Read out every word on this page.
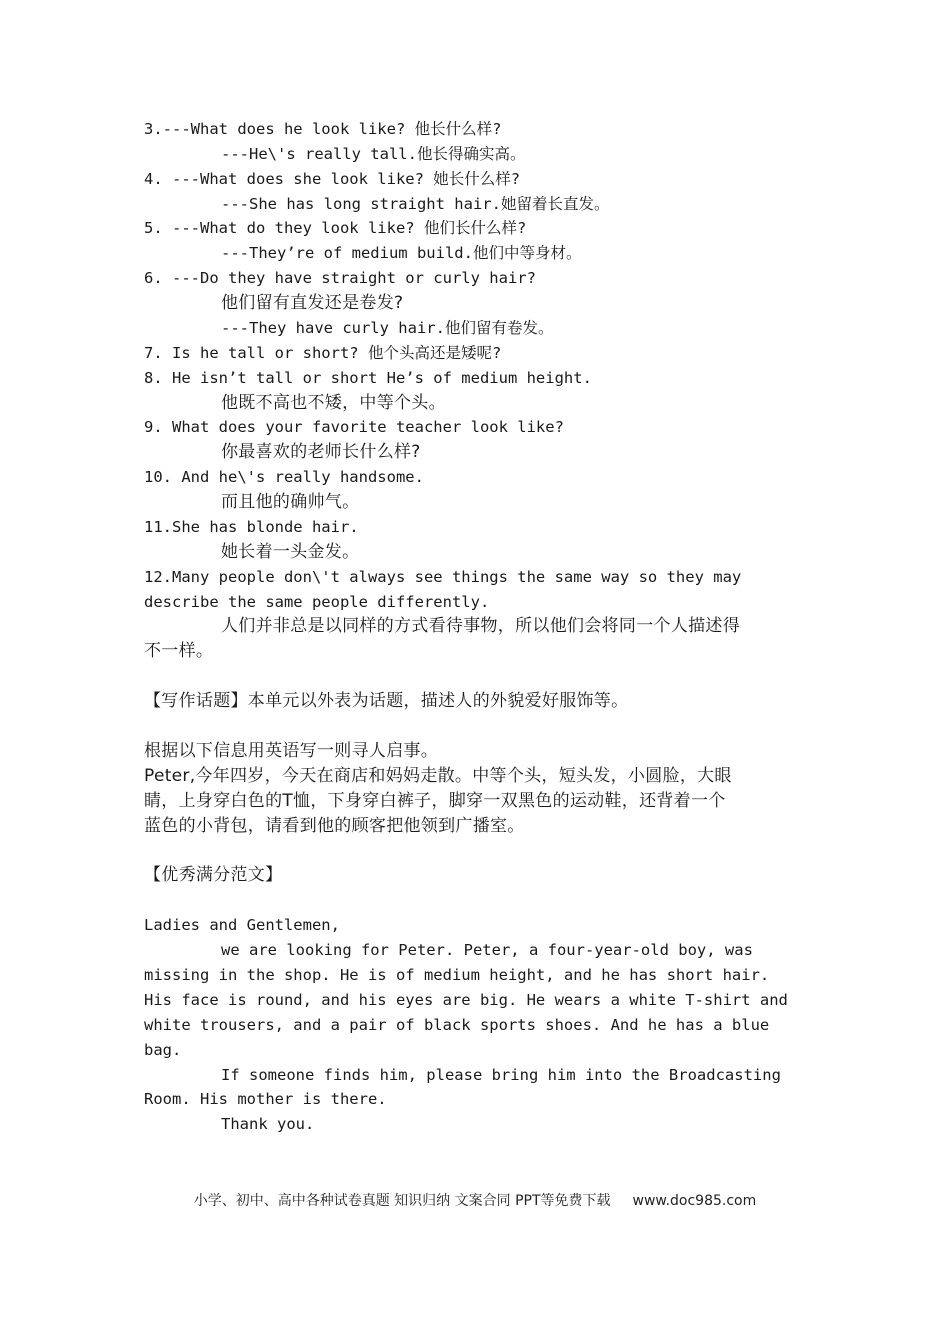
3.---What does he look like? 他长什么样?
---He\'s really tall.他长得确实高。
4. ---What does she look like? 她长什么样?
---She has long straight hair.她留着长直发。
5. ---What do they look like? 他们长什么样?
---They’re of medium build.他们中等身材。
6. ---Do they have straight or curly hair?
他们留有直发还是卷发?
---They have curly hair.他们留有卷发。
7. Is he tall or short? 他个头高还是矮呢?
8. He isn’t tall or short He’s of medium height.
他既不高也不矮，中等个头。
9. What does your favorite teacher look like?
你最喜欢的老师长什么样?
10. And he\'s really handsome.
而且他的确帅气。
11.She has blonde hair.
她长着一头金发。
12.Many people don\'t always see things the same way so they may
describe the same people differently.
人们并非总是以同样的方式看待事物，所以他们会将同一个人描述得
不一样。
【写作话题】本单元以外表为话题，描述人的外貌爱好服饰等。
根据以下信息用英语写一则寻人启事。
Peter,今年四岁，今天在商店和妈妈走散。中等个头，短头发，小圆脸，大眼
睛，上身穿白色的T恤，下身穿白裤子，脚穿一双黑色的运动鞋，还背着一个
蓝色的小背包，请看到他的顾客把他领到广播室。
【优秀满分范文】
Ladies and Gentlemen,
we are looking for Peter. Peter, a four-year-old boy, was
missing in the shop. He is of medium height, and he has short hair.
His face is round, and his eyes are big. He wears a white T-shirt and
white trousers, and a pair of black sports shoes. And he has a blue
bag.
If someone finds him, please bring him into the Broadcasting
Room. His mother is there.
Thank you.
小学、初中、高中各种试卷真题 知识归纳 文案合同 PPT等免费下载 www.doc985.com
